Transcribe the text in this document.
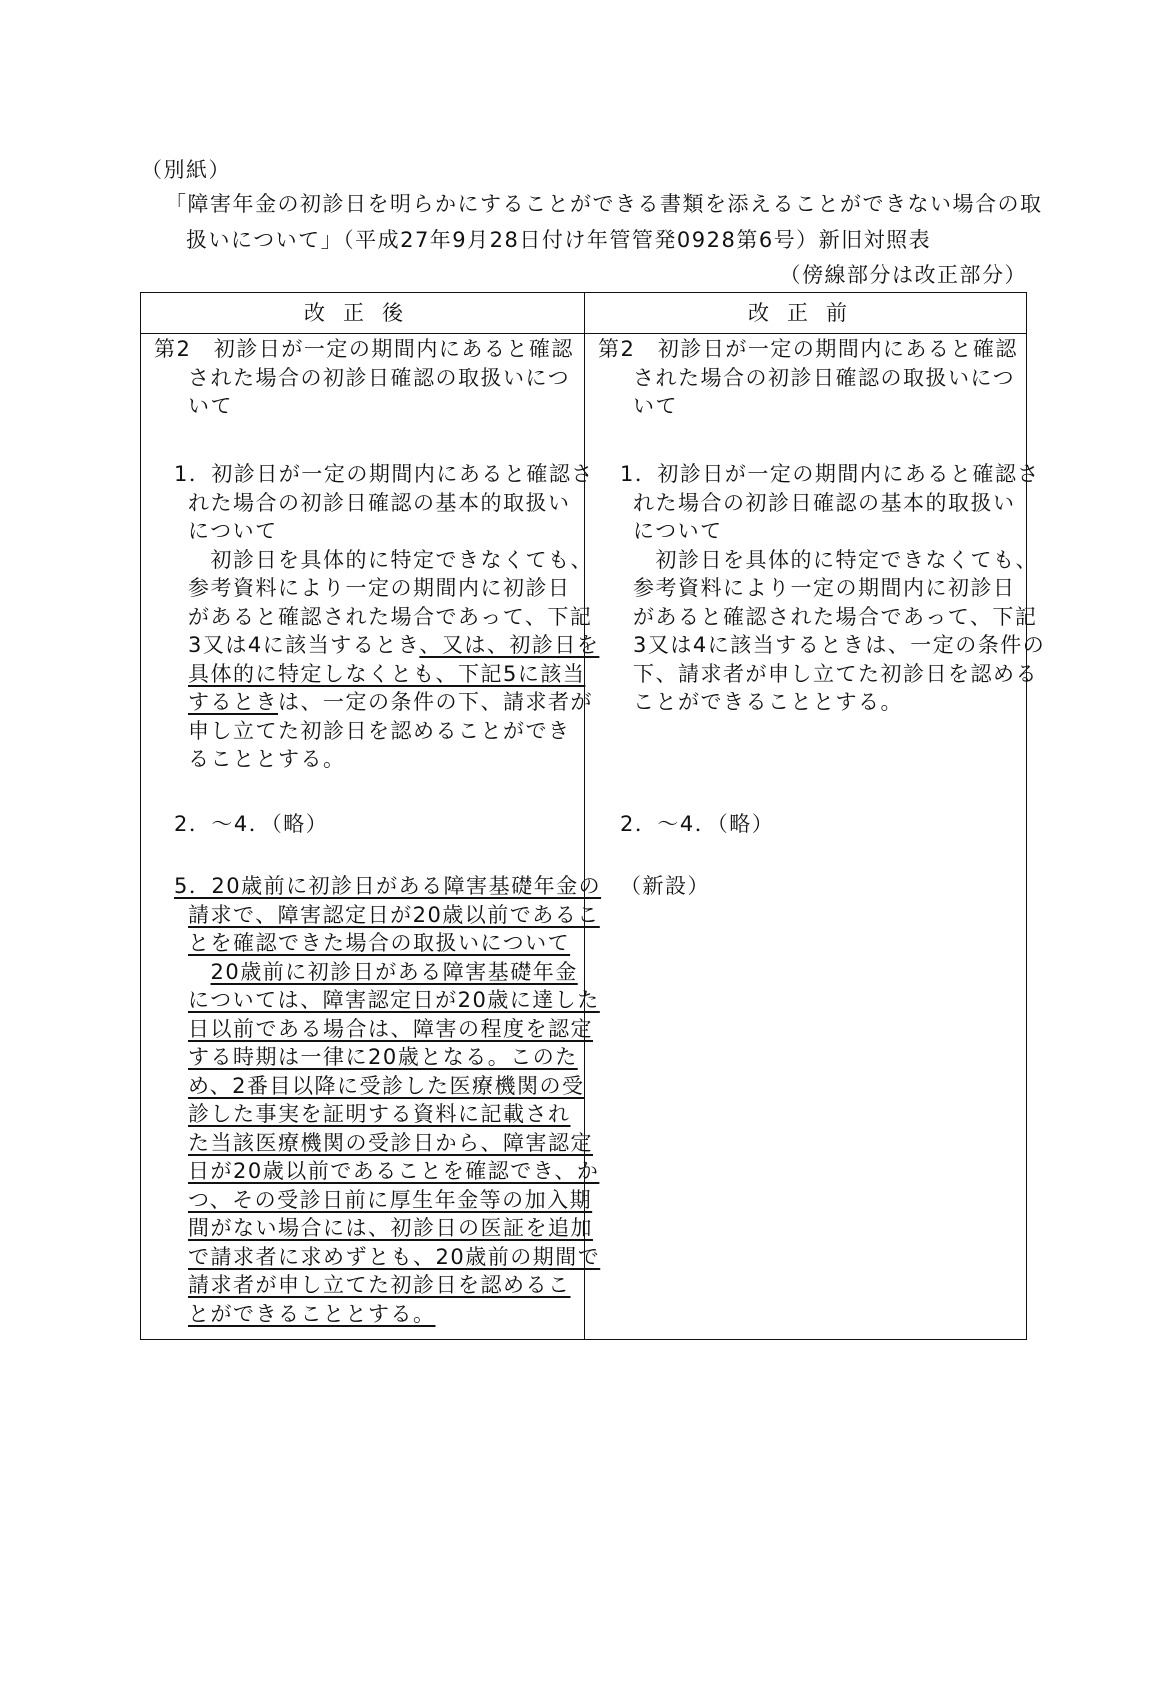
（別紙）
「障害年金の初診日を明らかにすることができる書類を添えることができない場合の取
扱いについて」（平成27年9月28日付け年管管発0928第6号）新旧対照表
（傍線部分は改正部分）
改正後	改正前
第2　初診日が一定の期間内にあると確認
された場合の初診日確認の取扱いにつ
いて
1．初診日が一定の期間内にあると確認さ
れた場合の初診日確認の基本的取扱い
について
　初診日を具体的に特定できなくても、
参考資料により一定の期間内に初診日
があると確認された場合であって、下記
3又は4に該当するとき、又は、初診日を
具体的に特定しなくとも、下記5に該当
するときは、一定の条件の下、請求者が
申し立てた初診日を認めることができ
ることとする。
2．～4．（略）
5．20歳前に初診日がある障害基礎年金の
請求で、障害認定日が20歳以前であるこ
とを確認できた場合の取扱いについて
　20歳前に初診日がある障害基礎年金
については、障害認定日が20歳に達した
日以前である場合は、障害の程度を認定
する時期は一律に20歳となる。このた
め、2番目以降に受診した医療機関の受
診した事実を証明する資料に記載され
た当該医療機関の受診日から、障害認定
日が20歳以前であることを確認でき、か
つ、その受診日前に厚生年金等の加入期
間がない場合には、初診日の医証を追加
で請求者に求めずとも、20歳前の期間で
請求者が申し立てた初診日を認めるこ
とができることとする。
第2　初診日が一定の期間内にあると確認
された場合の初診日確認の取扱いにつ
いて
1．初診日が一定の期間内にあると確認さ
れた場合の初診日確認の基本的取扱い
について
　初診日を具体的に特定できなくても、
参考資料により一定の期間内に初診日
があると確認された場合であって、下記
3又は4に該当するときは、一定の条件の
下、請求者が申し立てた初診日を認める
ことができることとする。
2．～4．（略）
（新設）
